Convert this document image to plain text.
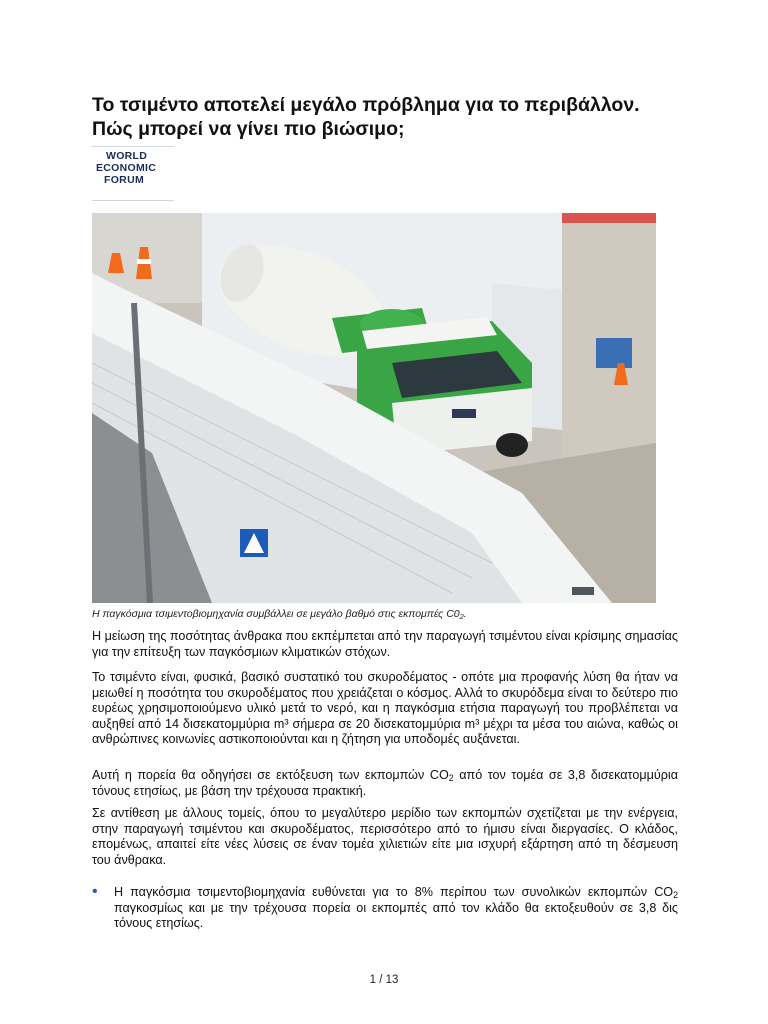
Το τσιμέντο αποτελεί μεγάλο πρόβλημα για το περιβάλλον.
Πώς μπορεί να γίνει πιο βιώσιμο;
WORLD
ECONOMIC
FORUM
Η παγκόσμια τσιμεντοβιομηχανία συμβάλλει σε μεγάλο βαθμό στις εκπομπές $C0_2$.

Η μείωση της ποσότητας άνθρακα που εκπέμπεται από την παραγωγή τσιμέντου είναι κρίσιμης σημασίας για την επίτευξη των παγκόσμιων κλιματικών στόχων.

Το τσιμέντο είναι, φυσικά, βασικό συστατικό του σκυροδέματος - οπότε μια προφανής λύση θα ήταν να μειωθεί η ποσότητα του σκυροδέματος που χρειάζεται ο κόσμος. Αλλά το σκυρόδεμα είναι το δεύτερο πιο ευρέως χρησιμοποιούμενο υλικό μετά το νερό, και η παγκόσμια ετήσια παραγωγή του προβλέπεται να αυξηθεί από 14 δισεκατομμύρια m³ σήμερα σε 20 δισεκατομμύρια m³ μέχρι τα μέσα του αιώνα, καθώς οι ανθρώπινες κοινωνίες αστικοποιούνται και η ζήτηση για υποδομές αυξάνεται.

Αυτή η πορεία θα οδηγήσει σε εκτόξευση των εκπομπών $CO_2$ από τον τομέα σε 3,8 δισεκατομμύρια τόνους ετησίως, με βάση την τρέχουσα πρακτική.

Σε αντίθεση με άλλους τομείς, όπου το μεγαλύτερο μερίδιο των εκπομπών σχετίζεται με την ενέργεια, στην παραγωγή τσιμέντου και σκυροδέματος, περισσότερο από το ήμισυ είναι διεργασίες. Ο κλάδος, επομένως, απαιτεί είτε νέες λύσεις σε έναν τομέα χιλιετιών είτε μια ισχυρή εξάρτηση από τη δέσμευση του άνθρακα.

• Η παγκόσμια τσιμεντοβιομηχανία ευθύνεται για το 8% περίπου των συνολικών εκπομπών $CO_2$ παγκοσμίως και με την τρέχουσα πορεία οι εκπομπές από τον κλάδο θα εκτοξευθούν σε 3,8 δις τόνους ετησίως.
1 / 13
